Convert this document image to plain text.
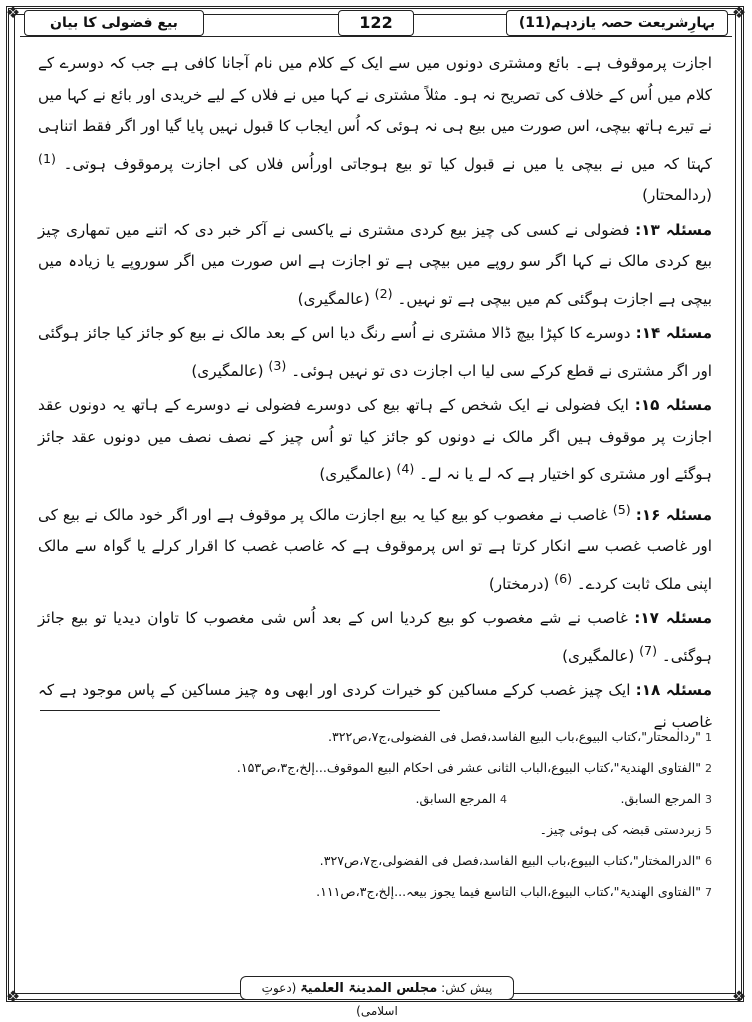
❖	❖
❖	❖
بہارِشریعت حصہ یازدہم(11)
122
بیع فضولی کا بیان

اجازت پرموقوف ہے۔ بائع ومشتری دونوں میں سے ایک کے کلام میں نام آجانا کافی ہے جب کہ دوسرے کے کلام میں اُس کے خلاف کی تصریح نہ ہو۔ مثلاً مشتری نے کہا میں نے فلاں کے لیے خریدی اور بائع نے کہا میں نے تیرے ہاتھ بیچی، اس صورت میں بیع ہی نہ ہوئی کہ اُس ایجاب کا قبول نہیں پایا گیا اور اگر فقط اتناہی کہتا کہ میں نے بیچی یا میں نے قبول کیا تو بیع ہوجاتی اوراُس فلاں کی اجازت پرموقوف ہوتی۔ $^{(1)}$ (ردالمحتار)

مسئلہ ۱۳: فضولی نے کسی کی چیز بیع کردی مشتری نے یاکسی نے آکر خبر دی کہ اتنے میں تمھاری چیز بیع کردی مالک نے کہا اگر سو روپے میں بیچی ہے تو اجازت ہے اس صورت میں اگر سوروپے یا زیادہ میں بیچی ہے اجازت ہوگئی کم میں بیچی ہے تو نہیں۔ $^{(2)}$ (عالمگیری)

مسئلہ ۱۴: دوسرے کا کپڑا بیچ ڈالا مشتری نے اُسے رنگ دیا اس کے بعد مالک نے بیع کو جائز کیا جائز ہوگئی اور اگر مشتری نے قطع کرکے سی لیا اب اجازت دی تو نہیں ہوئی۔ $^{(3)}$ (عالمگیری)

مسئلہ ۱۵: ایک فضولی نے ایک شخص کے ہاتھ بیع کی دوسرے فضولی نے دوسرے کے ہاتھ یہ دونوں عقد اجازت پر موقوف ہیں اگر مالک نے دونوں کو جائز کیا تو اُس چیز کے نصف نصف میں دونوں عقد جائز ہوگئے اور مشتری کو اختیار ہے کہ لے یا نہ لے۔ $^{(4)}$ (عالمگیری)

مسئلہ ۱۶: $^{(5)}$ غاصب نے مغصوب کو بیع کیا یہ بیع اجازت مالک پر موقوف ہے اور اگر خود مالک نے بیع کی اور غاصب غصب سے انکار کرتا ہے تو اس پرموقوف ہے کہ غاصب غصب کا اقرار کرلے یا گواہ سے مالک اپنی ملک ثابت کردے۔ $^{(6)}$ (درمختار)

مسئلہ ۱۷: غاصب نے شے مغصوب کو بیع کردیا اس کے بعد اُس شی مغصوب کا تاوان دیدیا تو بیع جائز ہوگئی۔ $^{(7)}$ (عالمگیری)

مسئلہ ۱۸: ایک چیز غصب کرکے مساکین کو خیرات کردی اور ابھی وہ چیز مساکین کے پاس موجود ہے کہ غاصب نے

1 "ردالمحتار"،کتاب البیوع،باب البیع الفاسد،فصل فی الفضولی،ج۷،ص۳۲۲.
2 "الفتاوی الھندیۃ"،کتاب البیوع،الباب الثانی عشر فی احکام البیع الموقوف...إلخ،ج۳،ص۱۵۳.
3 المرجع السابق. 4 المرجع السابق.
5 زبردستی قبضہ کی ہوئی چیز۔
6 "الدرالمختار"،کتاب البیوع،باب البیع الفاسد،فصل فی الفضولی،ج۷،ص۳۲۷.
7 "الفتاوی الھندیۃ"،کتاب البیوع،الباب التاسع فیما یجوز بیعہ...إلخ،ج۳،ص۱۱۱.
پیش کش: مجلس المدینۃ العلمیۃ (دعوتِ اسلامی)
